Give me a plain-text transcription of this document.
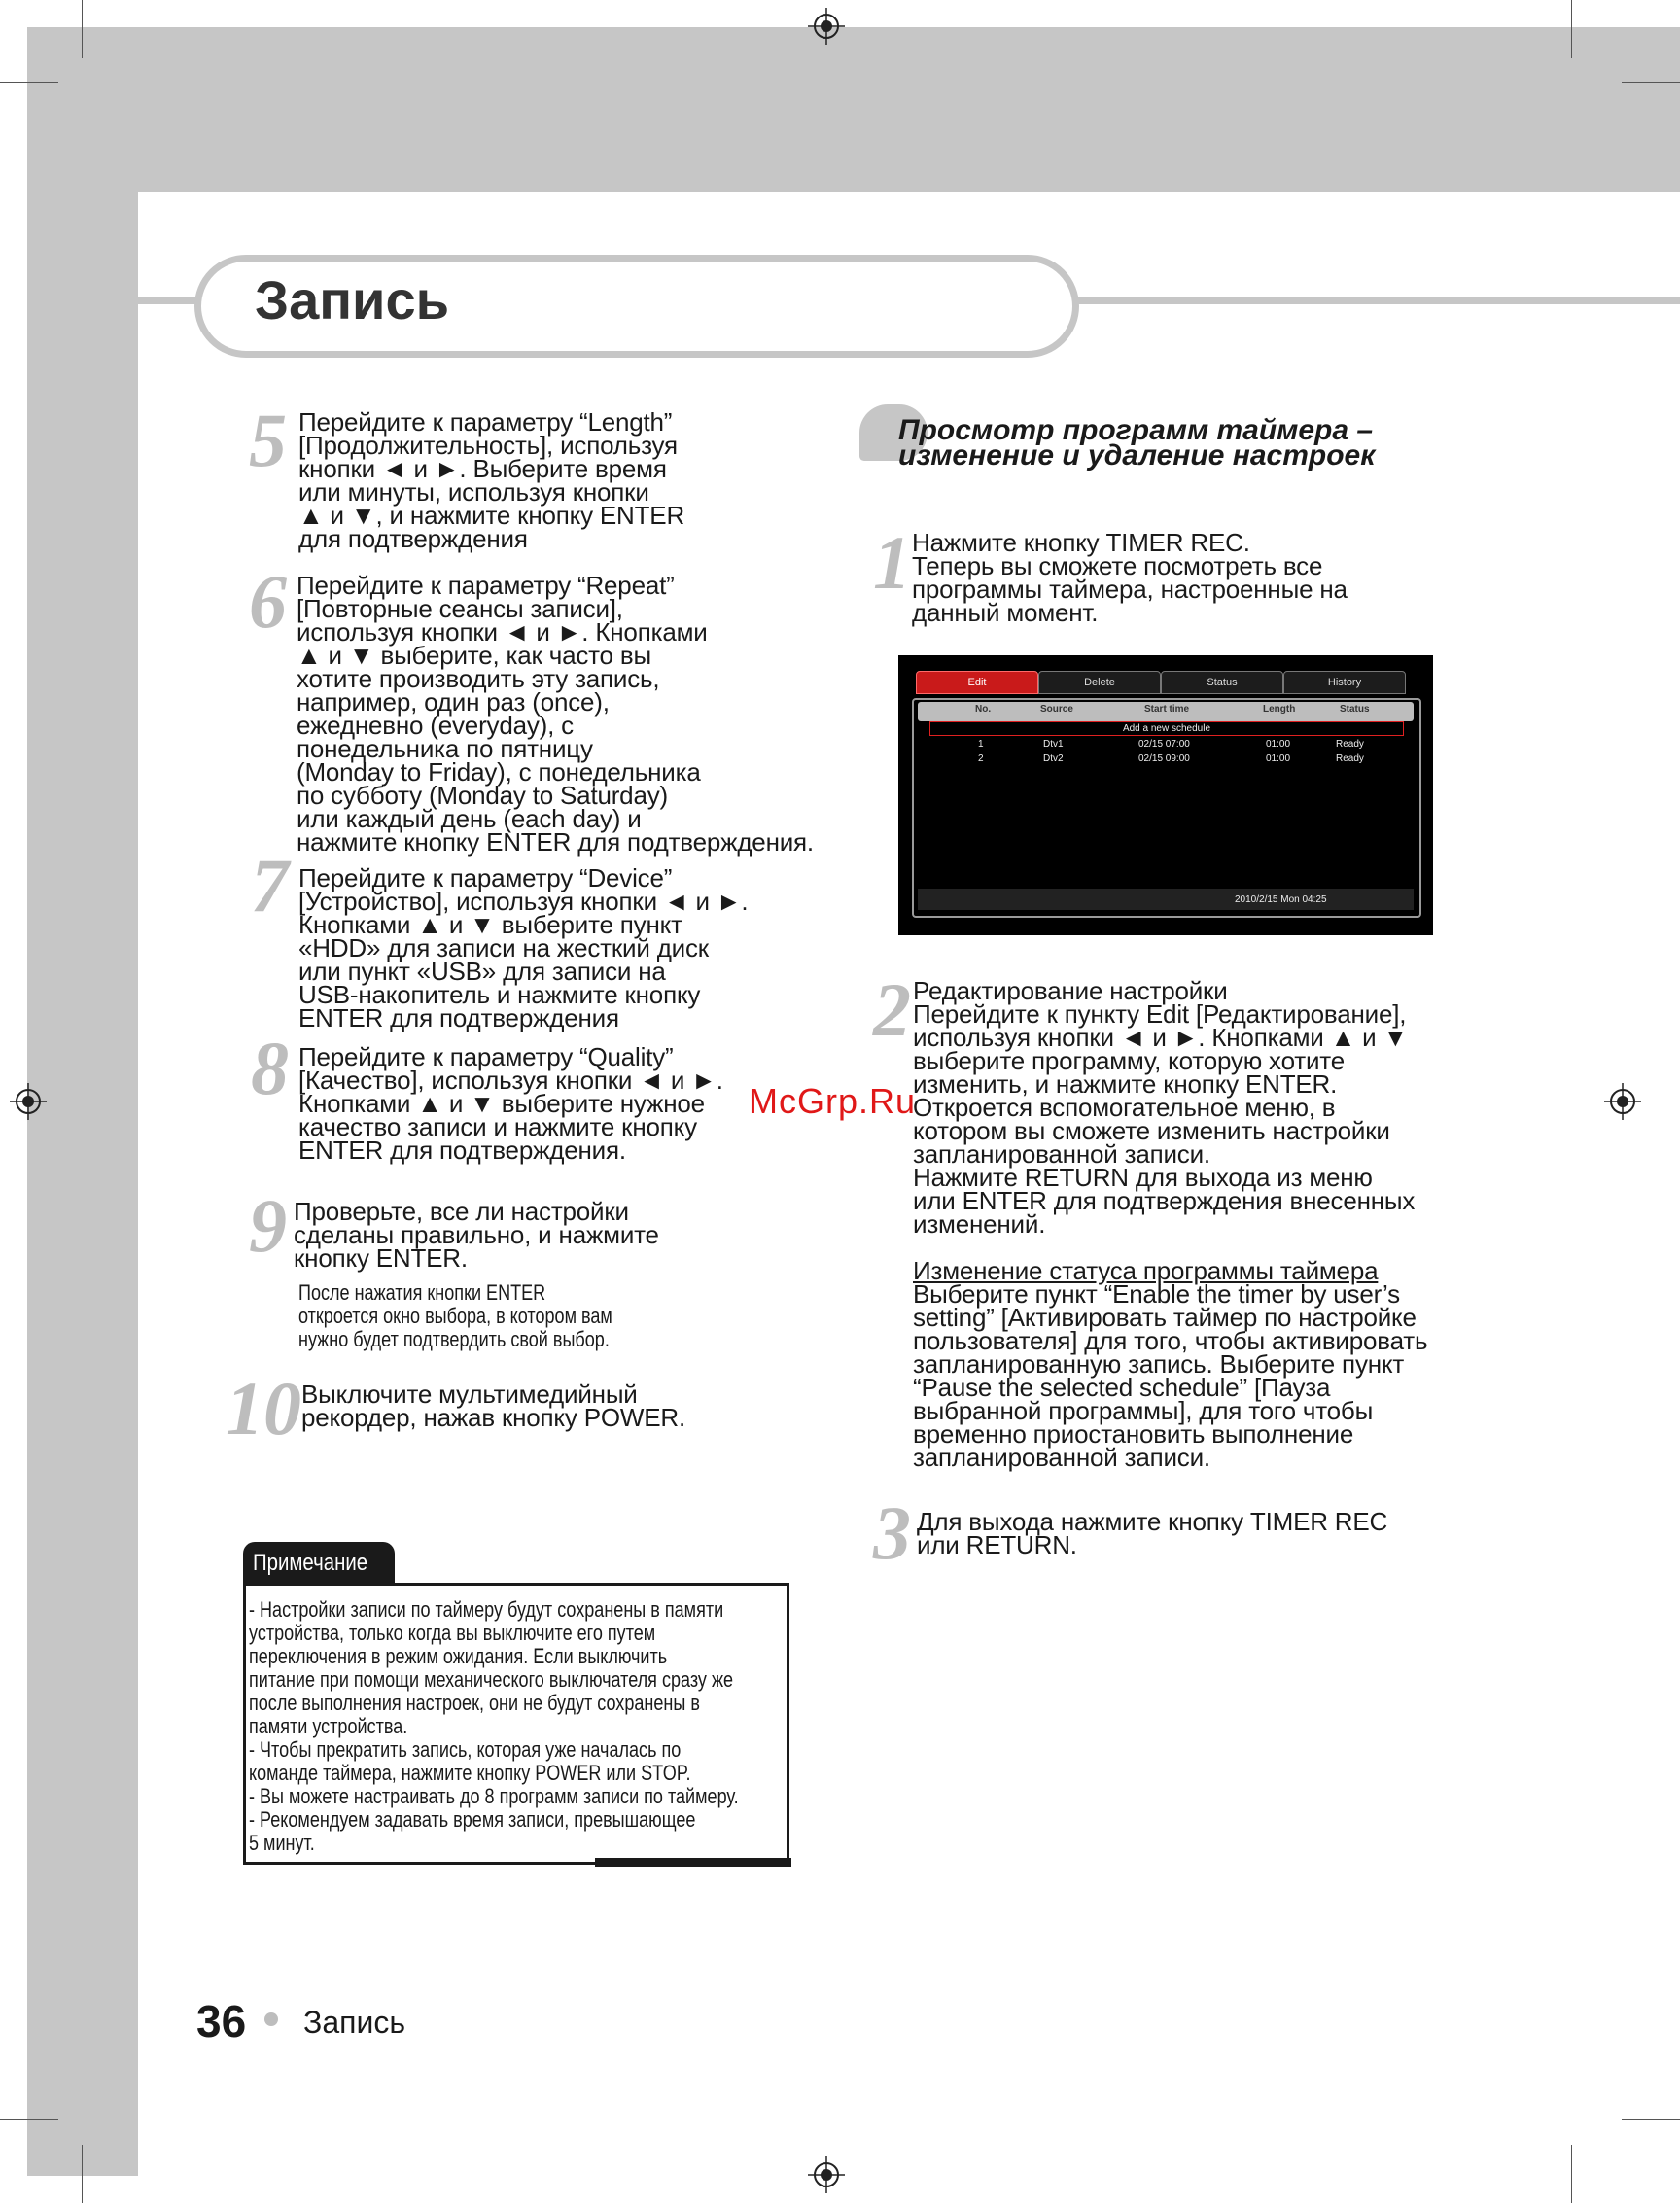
Запись
5 Перейдите к параметру “Length”
[Продолжительность], используя
кнопки ◄ и ►. Выберите время
или минуты, используя кнопки
▲ и ▼, и нажмите кнопку ENTER
для подтверждения
6 Перейдите к параметру “Repeat”
[Повторные сеансы записи],
используя кнопки ◄ и ►. Кнопками
▲ и ▼ выберите, как часто вы
хотите производить эту запись,
например, один раз (once),
ежедневно (everyday), с
понедельника по пятницу
(Monday to Friday), с понедельника
по субботу (Monday to Saturday)
или каждый день (each day) и
нажмите кнопку ENTER для подтверждения.
7 Перейдите к параметру “Device”
[Устройство], используя кнопки ◄ и ►.
Кнопками ▲ и ▼ выберите пункт
«HDD» для записи на жесткий диск
или пункт «USB» для записи на
USB-накопитель и нажмите кнопку
ENTER для подтверждения
8 Перейдите к параметру “Quality”
[Качество], используя кнопки ◄ и ►.
Кнопками ▲ и ▼ выберите нужное
качество записи и нажмите кнопку
ENTER для подтверждения.
9 Проверьте, все ли настройки
сделаны правильно, и нажмите
кнопку ENTER.
После нажатия кнопки ENTER
откроется окно выбора, в котором вам
нужно будет подтвердить свой выбор.
10 Выключите мультимедийный
рекордер, нажав кнопку POWER.
Просмотр программ таймера –
изменение и удаление настроек
1 Нажмите кнопку TIMER REC.
Теперь вы сможете посмотреть все
программы таймера, настроенные на
данный момент.
Edit	Delete	Status	History
No.	Source	Start time	Length	Status
Add a new schedule
1	Dtv1	02/15 07:00	01:00	Ready
2	Dtv2	02/15 09:00	01:00	Ready
2010/2/15 Mon 04:25
2 Редактирование настройки
Перейдите к пункту Edit [Редактирование],
используя кнопки ◄ и ►. Кнопками ▲ и ▼
выберите программу, которую хотите
изменить, и нажмите кнопку ENTER.
Откроется вспомогательное меню, в
котором вы сможете изменить настройки
запланированной записи.
Нажмите RETURN для выхода из меню
или ENTER для подтверждения внесенных
изменений.
Изменение статуса программы таймера
Выберите пункт “Enable the timer by user’s
setting” [Активировать таймер по настройке
пользователя] для того, чтобы активировать
запланированную запись. Выберите пункт
“Pause the selected schedule” [Пауза
выбранной программы], для того чтобы
временно приостановить выполнение
запланированной записи.
3 Для выхода нажмите кнопку TIMER REC
или RETURN.
Примечание
- Настройки записи по таймеру будут сохранены в памяти
устройства, только когда вы выключите его путем
переключения в режим ожидания. Если выключить
питание при помощи механического выключателя сразу же
после выполнения настроек, они не будут сохранены в
памяти устройства.
- Чтобы прекратить запись, которая уже началась по
команде таймера, нажмите кнопку POWER или STOP.
- Вы можете настраивать до 8 программ записи по таймеру.
- Рекомендуем задавать время записи, превышающее
5 минут.
36 Запись
McGrp.Ru
